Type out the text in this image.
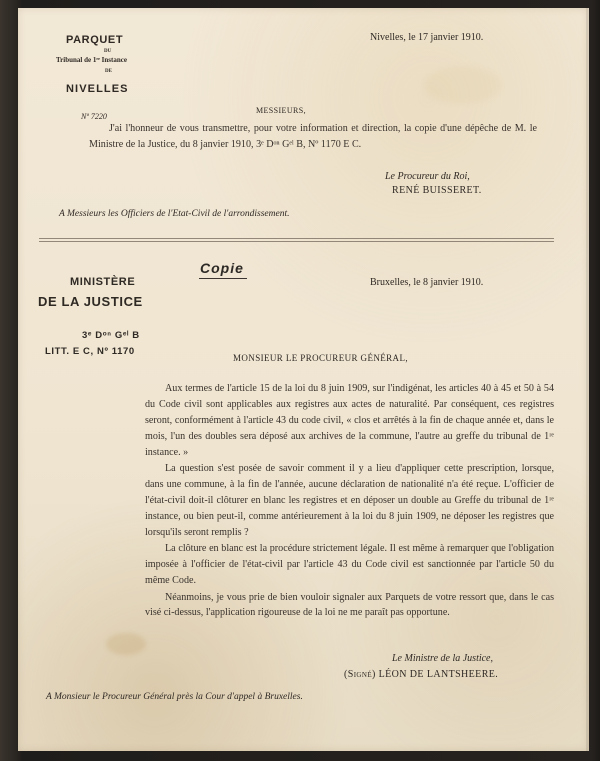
PARQUET
DU
Tribunal de 1ʳᵉ Instance
DE
NIVELLES
Nº 7220
Nivelles, le 17 janvier 1910.
MESSIEURS,

J'ai l'honneur de vous transmettre, pour votre information et direction, la copie d'une dépêche de M. le Ministre de la Justice, du 8 janvier 1910, 3ᵉ Dᵒⁿ Gᵉˡ B, Nº 1170 E C.

Le Procureur du Roi,
RENÉ BUISSERET.
A Messieurs les Officiers de l'Etat-Civil de l'arrondissement.
Copie
MINISTÈRE
DE LA JUSTICE
3ᵉ Dᵒⁿ Gᵉˡ B
LITT. E C, Nº 1170
Bruxelles, le 8 janvier 1910.
MONSIEUR LE PROCUREUR GÉNÉRAL,

Aux termes de l'article 15 de la loi du 8 juin 1909, sur l'indigénat, les articles 40 à 45 et 50 à 54 du Code civil sont applicables aux registres aux actes de naturalité. Par conséquent, ces registres seront, conformément à l'article 43 du code civil, « clos et arrêtés à la fin de chaque année et, dans le mois, l'un des doubles sera déposé aux archives de la commune, l'autre au greffe du tribunal de 1ʳᵉ instance. »

La question s'est posée de savoir comment il y a lieu d'appliquer cette prescription, lorsque, dans une commune, à la fin de l'année, aucune déclaration de nationalité n'a été reçue. L'officier de l'état-civil doit-il clôturer en blanc les registres et en déposer un double au Greffe du tribunal de 1ʳᵉ instance, ou bien peut-il, comme antérieurement à la loi du 8 juin 1909, ne déposer les registres que lorsqu'ils seront remplis ?

La clôture en blanc est la procédure strictement légale. Il est même à remarquer que l'obligation imposée à l'officier de l'état-civil par l'article 43 du Code civil est sanctionnée par l'article 50 du même Code.

Néanmoins, je vous prie de bien vouloir signaler aux Parquets de votre ressort que, dans le cas visé ci-dessus, l'application rigoureuse de la loi ne me paraît pas opportune.

Le Ministre de la Justice,
(Signé) LÉON DE LANTSHEERE.
A Monsieur le Procureur Général près la Cour d'appel à Bruxelles.
